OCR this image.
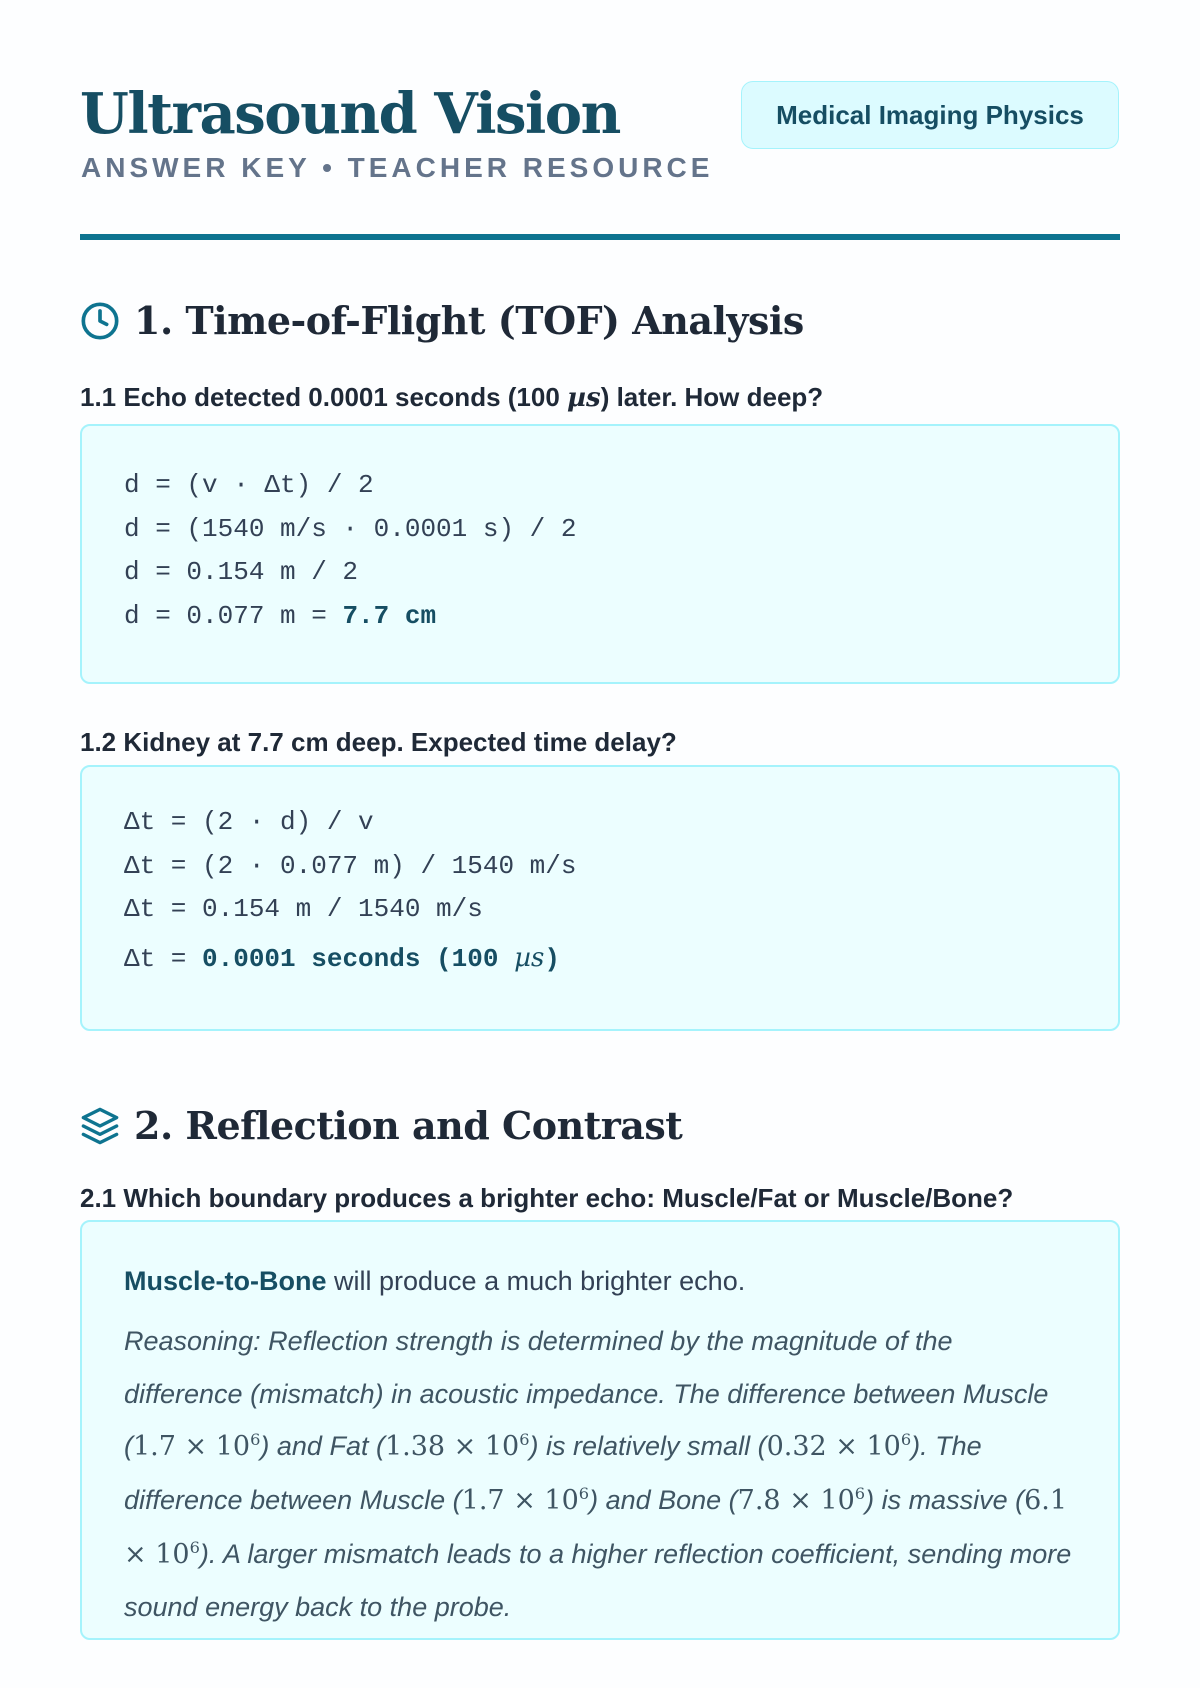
Ultrasound Vision
ANSWER KEY • TEACHER RESOURCE
Medical Imaging Physics
1. Time-of-Flight (TOF) Analysis

1.1 Echo detected 0.0001 seconds (100 µs) later. How deep?

d = (v · Δt) / 2
d = (1540 m/s · 0.0001 s) / 2
d = 0.154 m / 2
d = 0.077 m = 7.7 cm

1.2 Kidney at 7.7 cm deep. Expected time delay?

Δt = (2 · d) / v
Δt = (2 · 0.077 m) / 1540 m/s
Δt = 0.154 m / 1540 m/s
Δt = 0.0001 seconds (100 µs)
2. Reflection and Contrast

2.1 Which boundary produces a brighter echo: Muscle/Fat or Muscle/Bone?

Muscle-to-Bone will produce a much brighter echo.

Reasoning: Reflection strength is determined by the magnitude of the difference (mismatch) in acoustic impedance. The difference between Muscle $(1.7 \times 10^6)$ and Fat $(1.38 \times 10^6)$ is relatively small $(0.32 \times 10^6)$. The difference between Muscle $(1.7 \times 10^6)$ and Bone $(7.8 \times 10^6)$ is massive $(6.1 \times 10^6)$. A larger mismatch leads to a higher reflection coefficient, sending more sound energy back to the probe.
